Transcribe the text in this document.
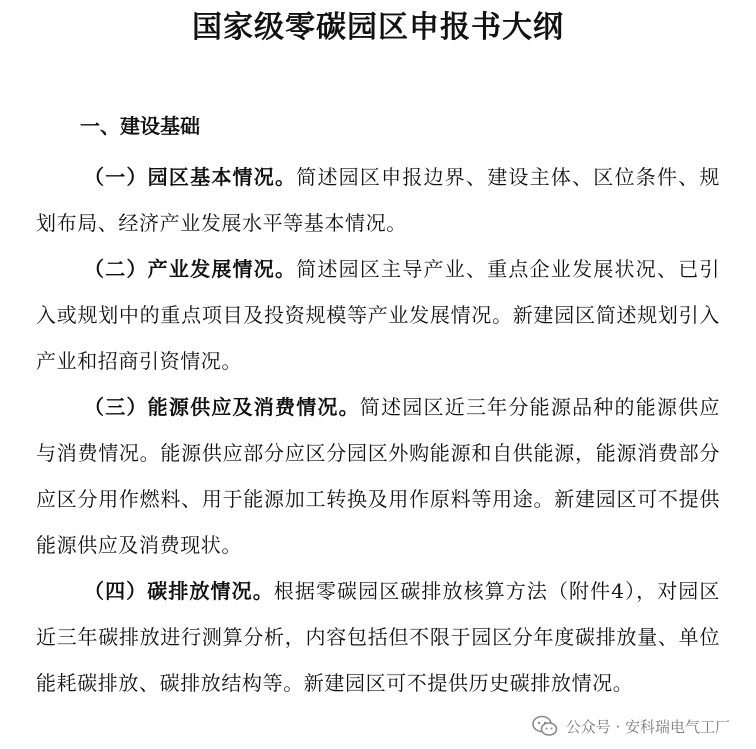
国家级零碳园区申报书大纲
一、建设基础

（一）园区基本情况。简述园区申报边界、建设主体、区位条件、规划布局、经济产业发展水平等基本情况。

（二）产业发展情况。简述园区主导产业、重点企业发展状况、已引入或规划中的重点项目及投资规模等产业发展情况。新建园区简述规划引入产业和招商引资情况。

（三）能源供应及消费情况。简述园区近三年分能源品种的能源供应与消费情况。能源供应部分应区分园区外购能源和自供能源，能源消费部分应区分用作燃料、用于能源加工转换及用作原料等用途。新建园区可不提供能源供应及消费现状。

（四）碳排放情况。根据零碳园区碳排放核算方法（附件4），对园区近三年碳排放进行测算分析，内容包括但不限于园区分年度碳排放量、单位能耗碳排放、碳排放结构等。新建园区可不提供历史碳排放情况。

公众号 · 安科瑞电气工厂
